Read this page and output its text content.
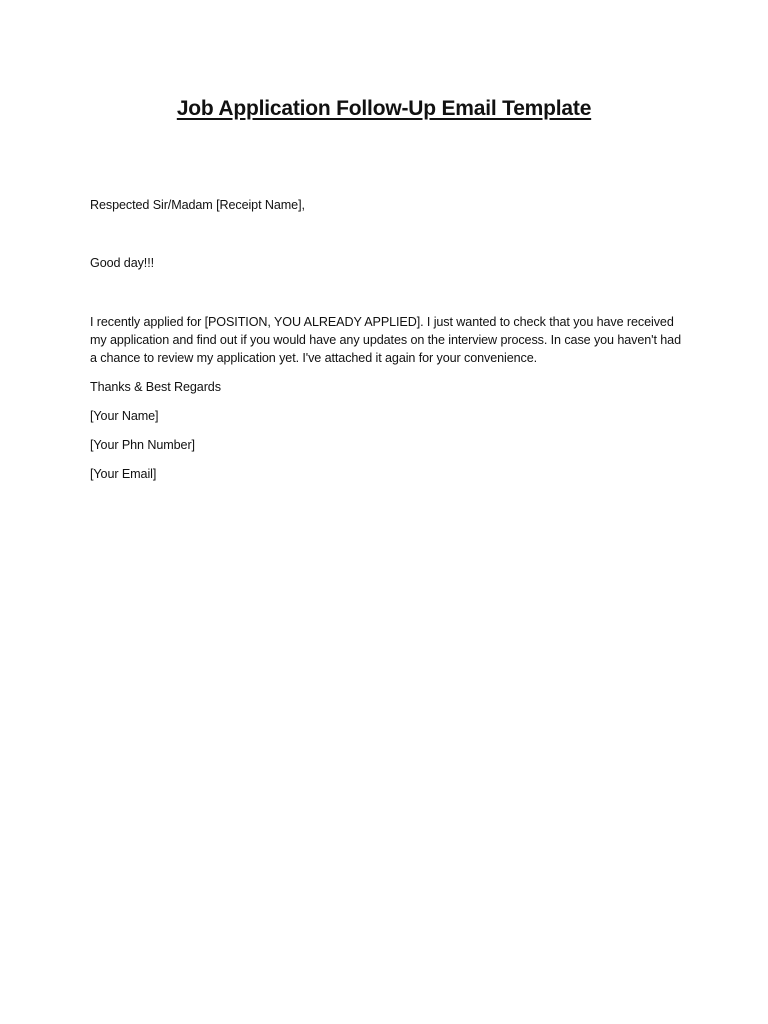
Job Application Follow-Up Email Template

Respected Sir/Madam [Receipt Name],

Good day!!!

I recently applied for [POSITION, YOU ALREADY APPLIED]. I just wanted to check that you have received my application and find out if you would have any updates on the interview process. In case you haven't had a chance to review my application yet. I've attached it again for your convenience.

Thanks & Best Regards

[Your Name]

[Your Phn Number]

[Your Email]
